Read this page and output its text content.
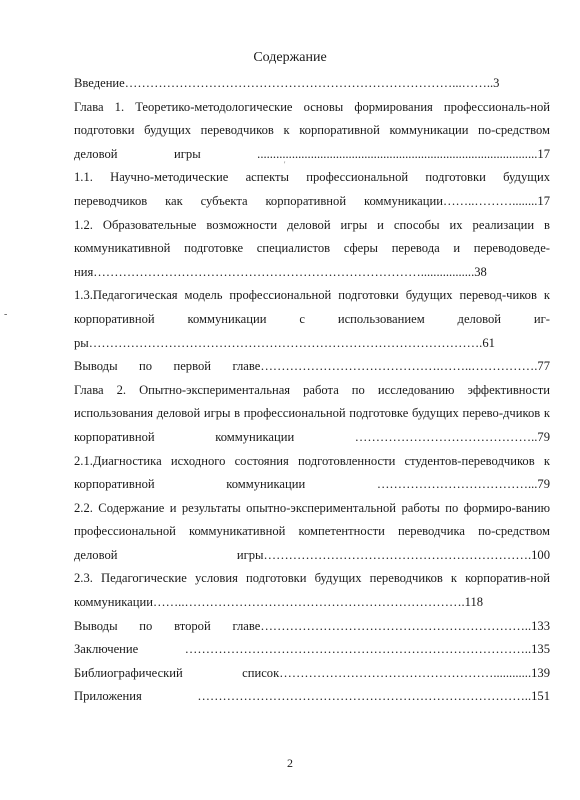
Содержание
Введение……………………………………………………………………...……..3
Глава 1. Теоретико-методологические основы формирования профессиональ-ной подготовки будущих переводчиков к корпоративной коммуникации по-средством деловой игры .........................................................................................17
1.1. Научно-методические аспекты профессиональной подготовки будущих переводчиков как субъекта корпоративной коммуникации……..………........17
1.2. Образовательные возможности деловой игры и способы их реализации в коммуникативной подготовке специалистов сферы перевода и переводоведе-ния…………………………………………………………………….................38
1.3.Педагогическая модель профессиональной подготовки будущих перевод-чиков к корпоративной коммуникации с использованием деловой иг-ры………………………………………………………………………………….61
Выводы по первой главе…………………………………….……..…………….77
Глава 2. Опытно-экспериментальная работа по исследованию эффективности использования деловой игры в профессиональной подготовке будущих перево-дчиков к корпоративной коммуникации ……………………………………..79
2.1.Диагностика исходного состояния подготовленности студентов-переводчиков к корпоративной коммуникации ………………………………...79
2.2. Содержание и результаты опытно-экспериментальной работы по формиро-ванию профессиональной коммуникативной компетентности переводчика по-средством деловой игры……………………………………………………….100
2.3. Педагогические условия подготовки будущих переводчиков к корпоратив-ной коммуникации……..………………………………………………………….118
Выводы по второй главе………………………………………………………..133
Заключение ………………………………………………………………………..135
Библиографический список……………………………………………............139
Приложения ……………………………………………………………………..151
-
'
2
